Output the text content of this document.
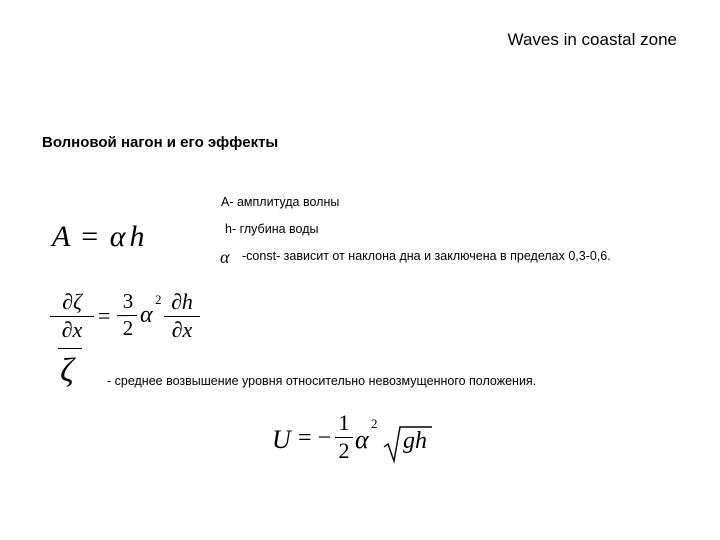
Waves in coastal zone
Волновой нагон и его эффекты
A- амплитуда волны
h- глубина воды
-const- зависит от наклона дна и заключена в пределах 0,3-0,6.
- среднее возвышение уровня относительно невозмущенного положения.
A = α h
α
∂ζ
∂x
= −
3
2 α
2 ∂h
∂x
ζ
U = −
1
2 α
2
gh
